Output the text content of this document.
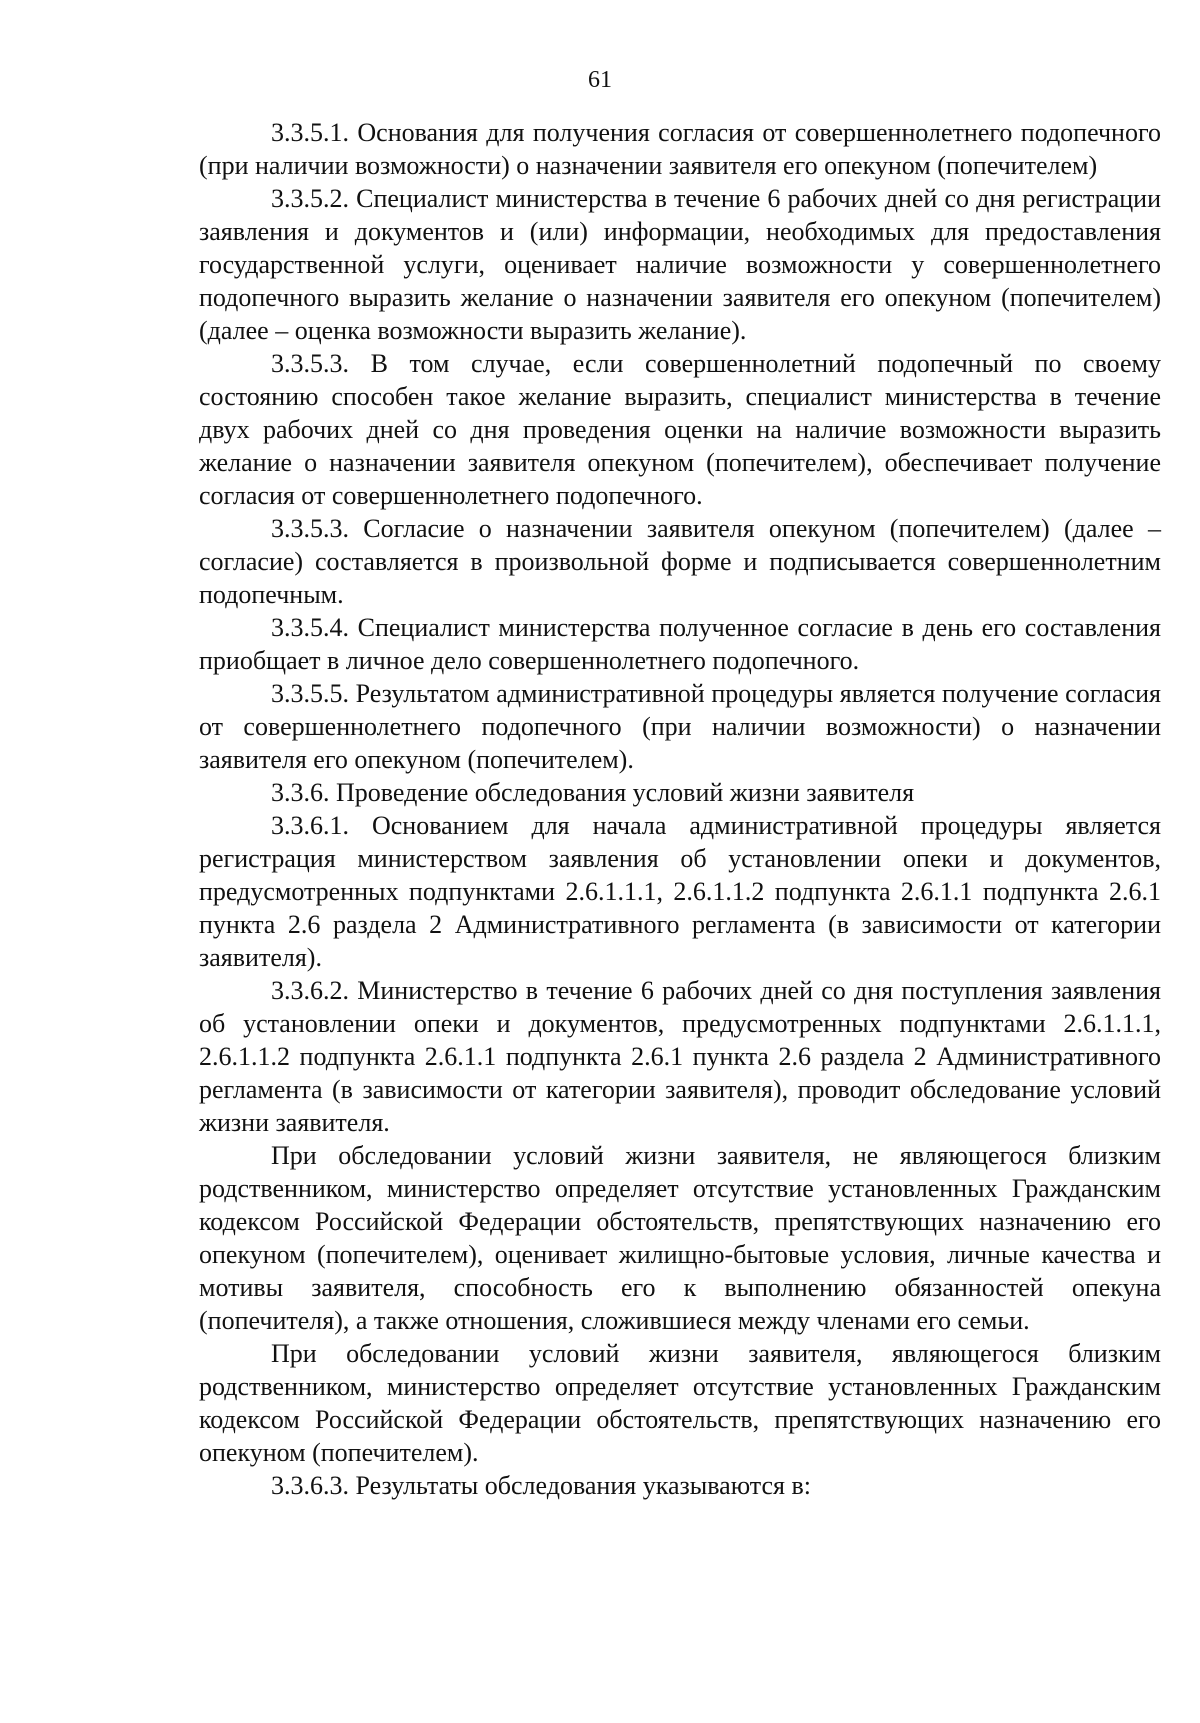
61

3.3.5.1. Основания для получения согласия от совершеннолетнего подопечного (при наличии возможности) о назначении заявителя его опекуном (попечителем)

3.3.5.2. Специалист министерства в течение 6 рабочих дней со дня регистрации заявления и документов и (или) информации, необходимых для предоставления государственной услуги, оценивает наличие возможности у совершеннолетнего подопечного выразить желание о назначении заявителя его опекуном (попечителем) (далее – оценка возможности выразить желание).

3.3.5.3. В том случае, если совершеннолетний подопечный по своему состоянию способен такое желание выразить, специалист министерства в течение двух рабочих дней со дня проведения оценки на наличие возможности выразить желание о назначении заявителя опекуном (попечителем), обеспечивает получение согласия от совершеннолетнего подопечного.

3.3.5.3. Согласие о назначении заявителя опекуном (попечителем) (далее – согласие) составляется в произвольной форме и подписывается совершеннолетним подопечным.

3.3.5.4. Специалист министерства полученное согласие в день его составления приобщает в личное дело совершеннолетнего подопечного.

3.3.5.5. Результатом административной процедуры является получение согласия от совершеннолетнего подопечного (при наличии возможности) о назначении заявителя его опекуном (попечителем).

3.3.6. Проведение обследования условий жизни заявителя

3.3.6.1. Основанием для начала административной процедуры является регистрация министерством заявления об установлении опеки и документов, предусмотренных подпунктами 2.6.1.1.1, 2.6.1.1.2 подпункта 2.6.1.1 подпункта 2.6.1 пункта 2.6 раздела 2 Административного регламента (в зависимости от категории заявителя).

3.3.6.2. Министерство в течение 6 рабочих дней со дня поступления заявления об установлении опеки и документов, предусмотренных подпунктами 2.6.1.1.1, 2.6.1.1.2 подпункта 2.6.1.1 подпункта 2.6.1 пункта 2.6 раздела 2 Административного регламента (в зависимости от категории заявителя), проводит обследование условий жизни заявителя.

При обследовании условий жизни заявителя, не являющегося близким родственником, министерство определяет отсутствие установленных Гражданским кодексом Российской Федерации обстоятельств, препятствующих назначению его опекуном (попечителем), оценивает жилищно-бытовые условия, личные качества и мотивы заявителя, способность его к выполнению обязанностей опекуна (попечителя), а также отношения, сложившиеся между членами его семьи.

При обследовании условий жизни заявителя, являющегося близким родственником, министерство определяет отсутствие установленных Гражданским кодексом Российской Федерации обстоятельств, препятствующих назначению его опекуном (попечителем).

3.3.6.3. Результаты обследования указываются в:
